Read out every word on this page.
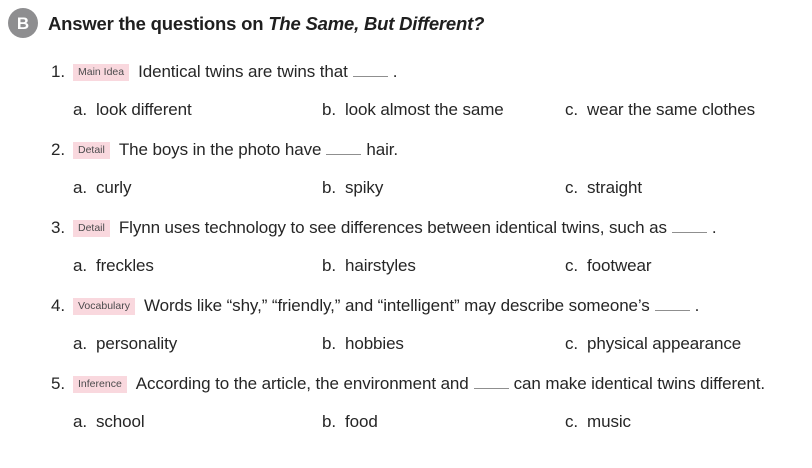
B Answer the questions on The Same, But Different?
1. Main Idea Identical twins are twins that	.
a. look different	b. look almost the same	c. wear the same clothes
2. Detail The boys in the photo have	hair.
a. curly	b. spiky	c. straight
3. Detail Flynn uses technology to see differences between identical twins, such as	.
a. freckles	b. hairstyles	c. footwear
4. Vocabulary Words like “shy,” “friendly,” and “intelligent” may describe someone’s	.
a. personality	b. hobbies	c. physical appearance
5. Inference According to the article, the environment and	can make identical twins different.
a. school	b. food	c. music
